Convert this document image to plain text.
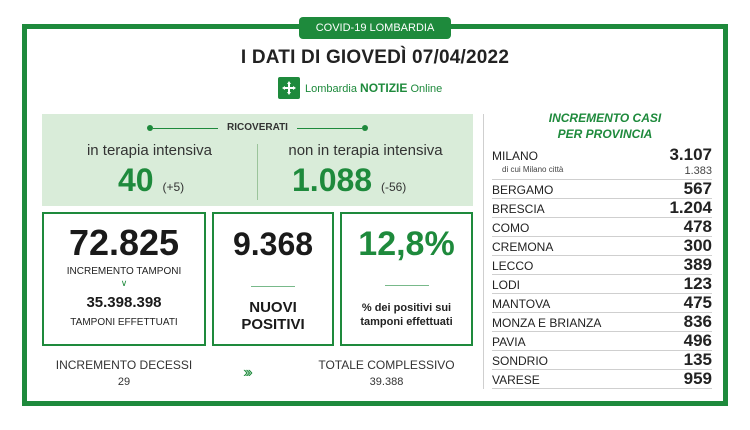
COVID-19 LOMBARDIA
I DATI DI GIOVEDÌ 07/04/2022
Lombardia NOTIZIE Online
RICOVERATI
in terapia intensiva
40 (+5)
non in terapia intensiva
1.088 (-56)
72.825
INCREMENTO TAMPONI
∨
35.398.398
TAMPONI EFFETTUATI
9.368
NUOVI
POSITIVI
12,8%
% dei positivi sui
tamponi effettuati
INCREMENTO DECESSI
29
›››	TOTALE COMPLESSIVO
39.388
INCREMENTO CASI
PER PROVINCIA
MILANO	3.107
di cui Milano città	1.383
BERGAMO	567
BRESCIA	1.204
COMO	478
CREMONA	300
LECCO	389
LODI	123
MANTOVA	475
MONZA E BRIANZA	836
PAVIA	496
SONDRIO	135
VARESE	959
